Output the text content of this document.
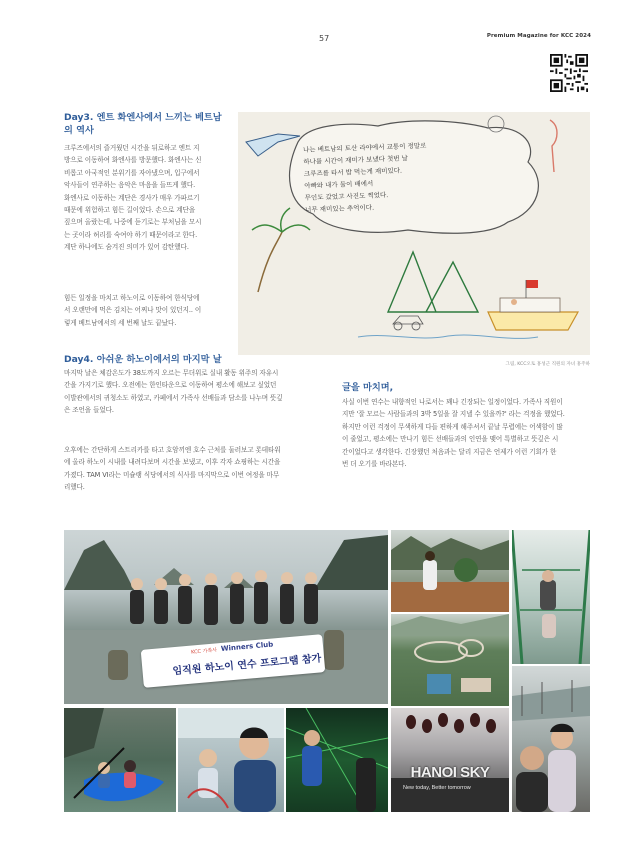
57	Premium Magazine for KCC 2024
Day3. 엔트 화엔사에서 느끼는 베트남의 역사
크루즈에서의 즐거웠던 시간을 뒤로하고 엔트 지
방으로 이동하여 화엔사를 방문했다. 화엔사는 신
비롭고 아국적인 분위기를 자아냈으며, 입구에서
악사들이 연주하는 음악은 마음을 들뜨게 했다.
화엔사로 이동하는 계단은 경사가 매우 가파르기
때문에 위험하고 힘든 길이었다. 손으로 계단을
짚으며 올랐는데, 나중에 듣기로는 부처님을 모시
는 곳이라 허리를 숙여야 하기 때문이라고 한다.
계단 하나에도 숨겨진 의미가 있어 감탄했다.
힘든 일정을 마치고 하노이로 이동하여 한식당에
서 오랜만에 먹은 김치는 어찌나 맛이 있던지.. 이
렇게 베트남에서의 세 번째 날도 끝났다.
나는 베트남의 토산 라야에서 교통이 정말로
하나를 시간이 재미가 보냈다 첫번 날
크루즈를 타서 밥 먹는게 재미있다.
아빠와 내가 둘이 배에서
무인도 갔었고 사진도 찍었다.
너무 재미있는 추억이다.
그림, KCC오토 홍성근 직원의 자녀 홍주하
Day4. 아쉬운 하노이에서의 마지막 날
마지막 날은 체감온도가 38도까지 오르는 무더위로 실내 활동 위주의 자유시
간을 가지기로 했다. 오전에는 한인타운으로 이동하여 평소에 해보고 싶었던
이발관에서의 귀청소도 하였고, 카페에서 가족사 선배들과 담소를 나누며 뜻깊
은 조언을 들었다.
오후에는 간단하게 스트리카를 타고 호암끼엔 호수 근처를 둘러보고 롯데타워
에 올라 하노이 시내를 내려다보며 시간을 보냈고, 이후 각자 쇼핑하는 시간을
가졌다. TAM VI라는 미슐랭 식당에서의 식사를 마지막으로 이번 여정을 마무
리했다.
글을 마치며,
사실 이번 연수는 내향적인 나로서는 꽤나 긴장되는 일정이었다. 가족사 직원이
지만 '잘 모르는 사람들과의 3박 5일을 잘 지낼 수 있을까?' 라는 걱정을 했었다.
하지만 이런 걱정이 무색하게 다들 편하게 해주셔서 끝날 무렵에는 어색함이 많
이 줄었고, 평소에는 만나기 힘든 선배들과의 인연을 맺어 특별하고 뜻깊은 시
간이었다고 생각한다. 긴장했던 처음과는 달리 지금은 언제가 이런 기회가 한
번 더 오기를 바라본다.
KCC 가족사 Winners Club
임직원 하노이 연수 프로그램 참가
HANOI SKY
New today, Better tomorrow
